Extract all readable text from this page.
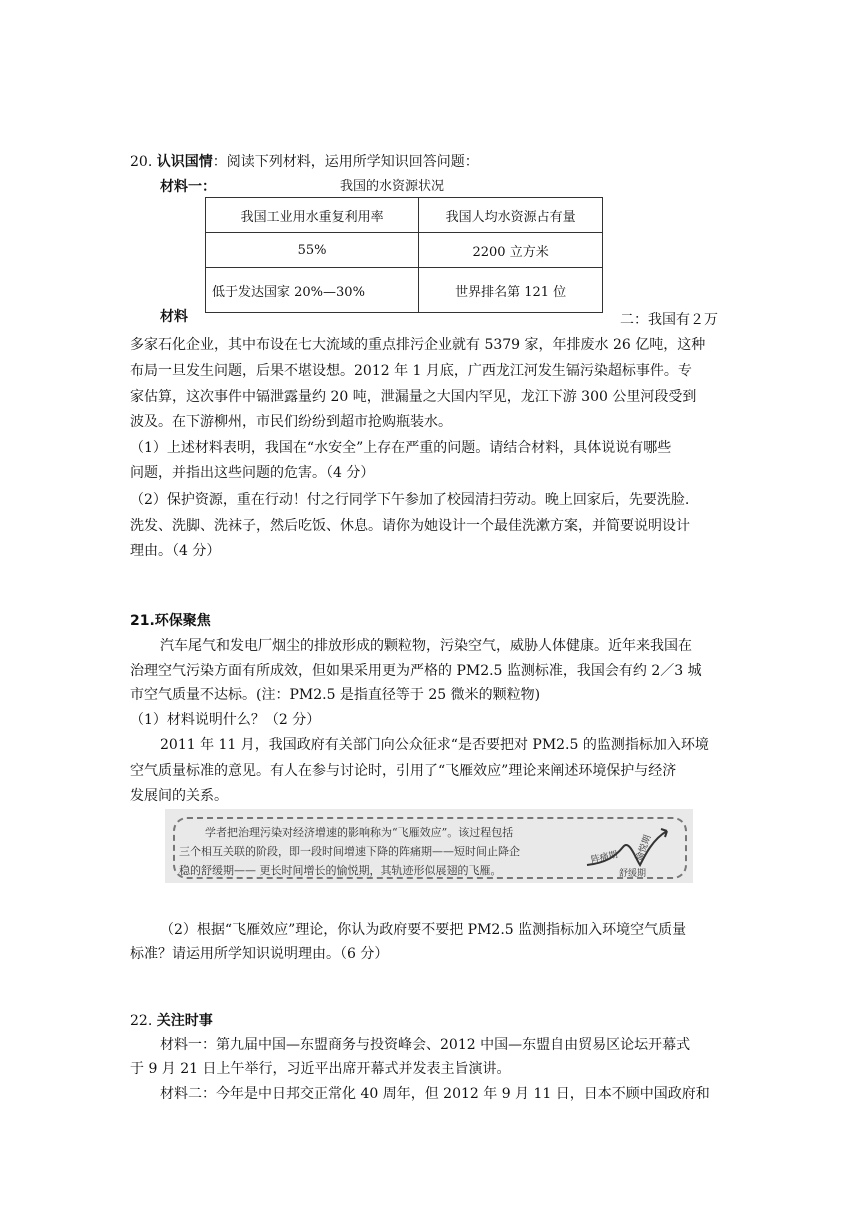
20. 认识国情：阅读下列材料，运用所学知识回答问题：
材料一：	我国的水资源状况
我国工业用水重复利用率	我国人均水资源占有量
55%	2200 立方米
低于发达国家 20%—30%	世界排名第 121 位
材料	二：我国有２万
多家石化企业，其中布设在七大流域的重点排污企业就有 5379 家，年排废水 26 亿吨，这种
布局一旦发生问题，后果不堪设想。2012 年 1 月底，广西龙江河发生镉污染超标事件。专
家估算，这次事件中镉泄露量约 20 吨，泄漏量之大国内罕见，龙江下游 300 公里河段受到
波及。在下游柳州，市民们纷纷到超市抢购瓶装水。
（1）上述材料表明，我国在“水安全”上存在严重的问题。请结合材料，具体说说有哪些
问题，并指出这些问题的危害。（4 分）
（2）保护资源，重在行动！付之行同学下午参加了校园清扫劳动。晚上回家后，先要洗脸.
洗发、洗脚、洗袜子，然后吃饭、休息。请你为她设计一个最佳洗漱方案，并简要说明设计
理由。（4 分）
21.环保聚焦
汽车尾气和发电厂烟尘的排放形成的颗粒物，污染空气，威胁人体健康。近年来我国在
治理空气污染方面有所成效，但如果采用更为严格的 PM2.5 监测标准，我国会有约 2／3 城
市空气质量不达标。(注：PM2.5 是指直径等于 25 微米的颗粒物)
（1）材料说明什么？（2 分）
2011 年 11 月，我国政府有关部门向公众征求“是否要把对 PM2.5 的监测指标加入环境
空气质量标准的意见。有人在参与讨论时，引用了“飞雁效应”理论来阐述环境保护与经济
发展间的关系。
学者把治理污染对经济增速的影响称为“飞雁效应”。该过程包括
三个相互关联的阶段，即一段时间增速下降的阵痛期——短时间止降企
稳的舒缓期—— 更长时间增长的愉悦期，其轨迹形似展翅的飞雁。
阵痛期	愉悦期
舒缓期
（2）根据“飞雁效应”理论，你认为政府要不要把 PM2.5 监测指标加入环境空气质量
标准？请运用所学知识说明理由。（6 分）
22. 关注时事
材料一：第九届中国—东盟商务与投资峰会、2012 中国—东盟自由贸易区论坛开幕式
于 9 月 21 日上午举行，习近平出席开幕式并发表主旨演讲。
材料二：今年是中日邦交正常化 40 周年，但 2012 年 9 月 11 日，日本不顾中国政府和
